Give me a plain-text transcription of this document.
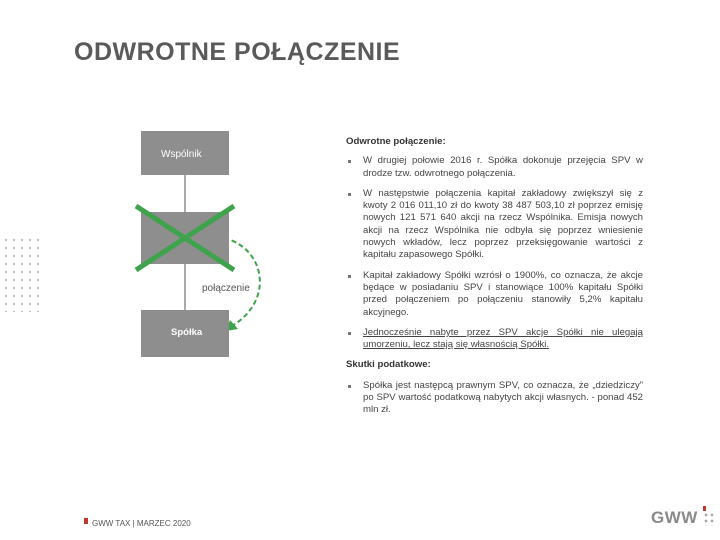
ODWROTNE POŁĄCZENIE
Wspólnik
Spółka
połączenie
Odwrotne połączenie:
W drugiej połowie 2016 r. Spółka dokonuje przejęcia SPV w drodze tzw. odwrotnego połączenia.
W następstwie połączenia kapitał zakładowy zwiększył się z kwoty 2 016 011,10 zł do kwoty 38 487 503,10 zł poprzez emisję nowych 121 571 640 akcji na rzecz Wspólnika. Emisja nowych akcji na rzecz Wspólnika nie odbyła się poprzez wniesienie nowych wkładów, lecz poprzez przeksięgowanie wartości z kapitału zapasowego Spółki.
Kapitał zakładowy Spółki wzrósł o 1900%, co oznacza, że akcje będące w posiadaniu SPV i stanowiące 100% kapitału Spółki przed połączeniem po połączeniu stanowiły 5,2% kapitału akcyjnego.
Jednocześnie nabyte przez SPV akcje Spółki nie ulegają umorzeniu, lecz stają się własnością Spółki.
Skutki podatkowe:
Spółka jest następcą prawnym SPV, co oznacza, że „dziedziczy” po SPV wartość podatkową nabytych akcji własnych. - ponad 452 mln zł.
GWW TAX | MARZEC 2020	GWW
